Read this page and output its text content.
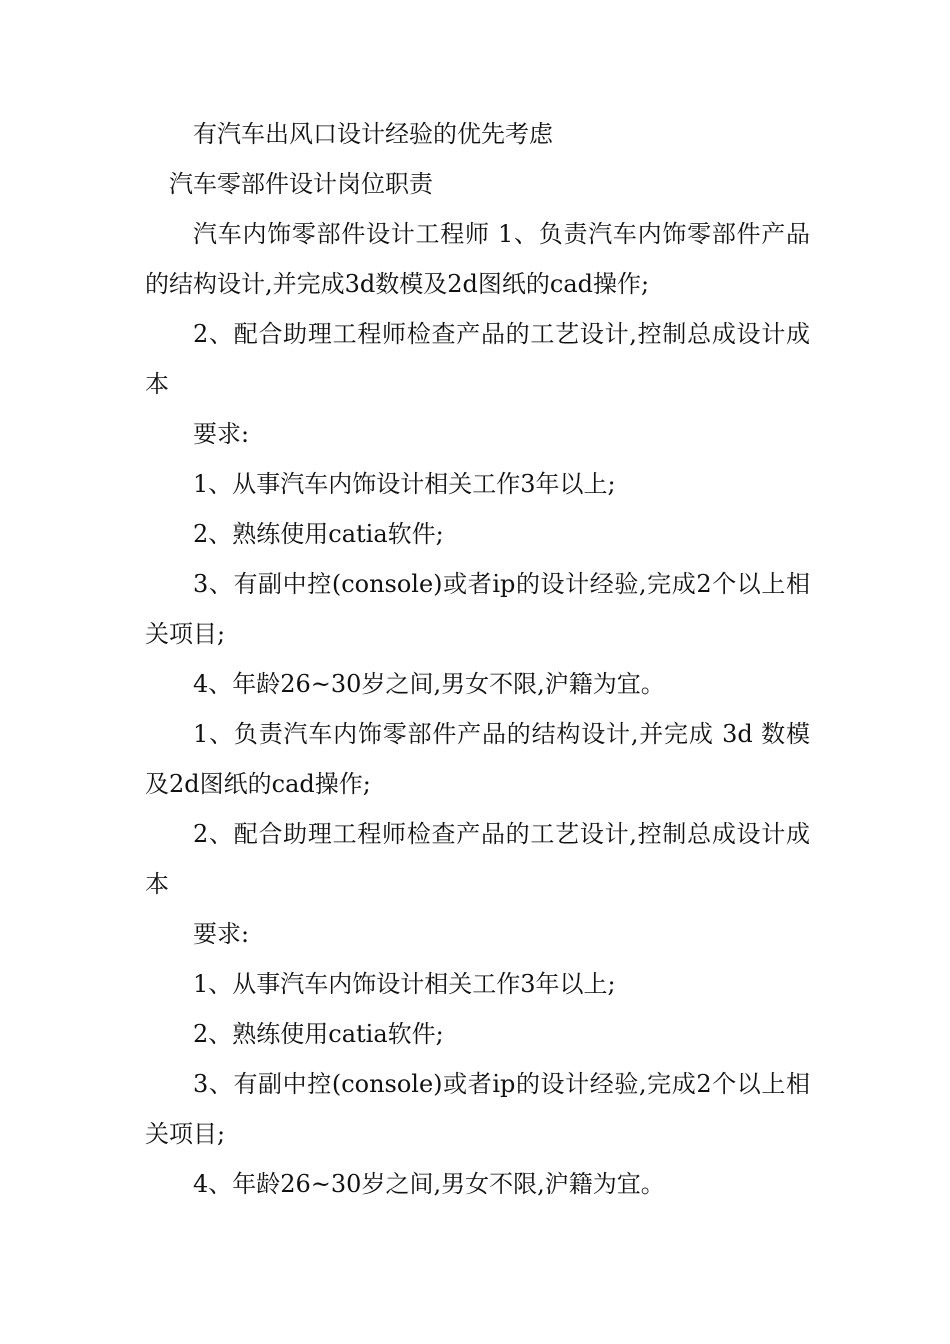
有汽车出风口设计经验的优先考虑

汽车零部件设计岗位职责

汽车内饰零部件设计工程师 1、负责汽车内饰零部件产品的结构设计,并完成3d数模及2d图纸的cad操作;

2、配合助理工程师检查产品的工艺设计,控制总成设计成本

要求:

1、从事汽车内饰设计相关工作3年以上;

2、熟练使用catia软件;

3、有副中控(console)或者ip的设计经验,完成2个以上相关项目;

4、年龄26~30岁之间,男女不限,沪籍为宜。

1、负责汽车内饰零部件产品的结构设计,并完成 3d 数模及2d图纸的cad操作;

2、配合助理工程师检查产品的工艺设计,控制总成设计成本

要求:

1、从事汽车内饰设计相关工作3年以上;

2、熟练使用catia软件;

3、有副中控(console)或者ip的设计经验,完成2个以上相关项目;

4、年龄26~30岁之间,男女不限,沪籍为宜。
